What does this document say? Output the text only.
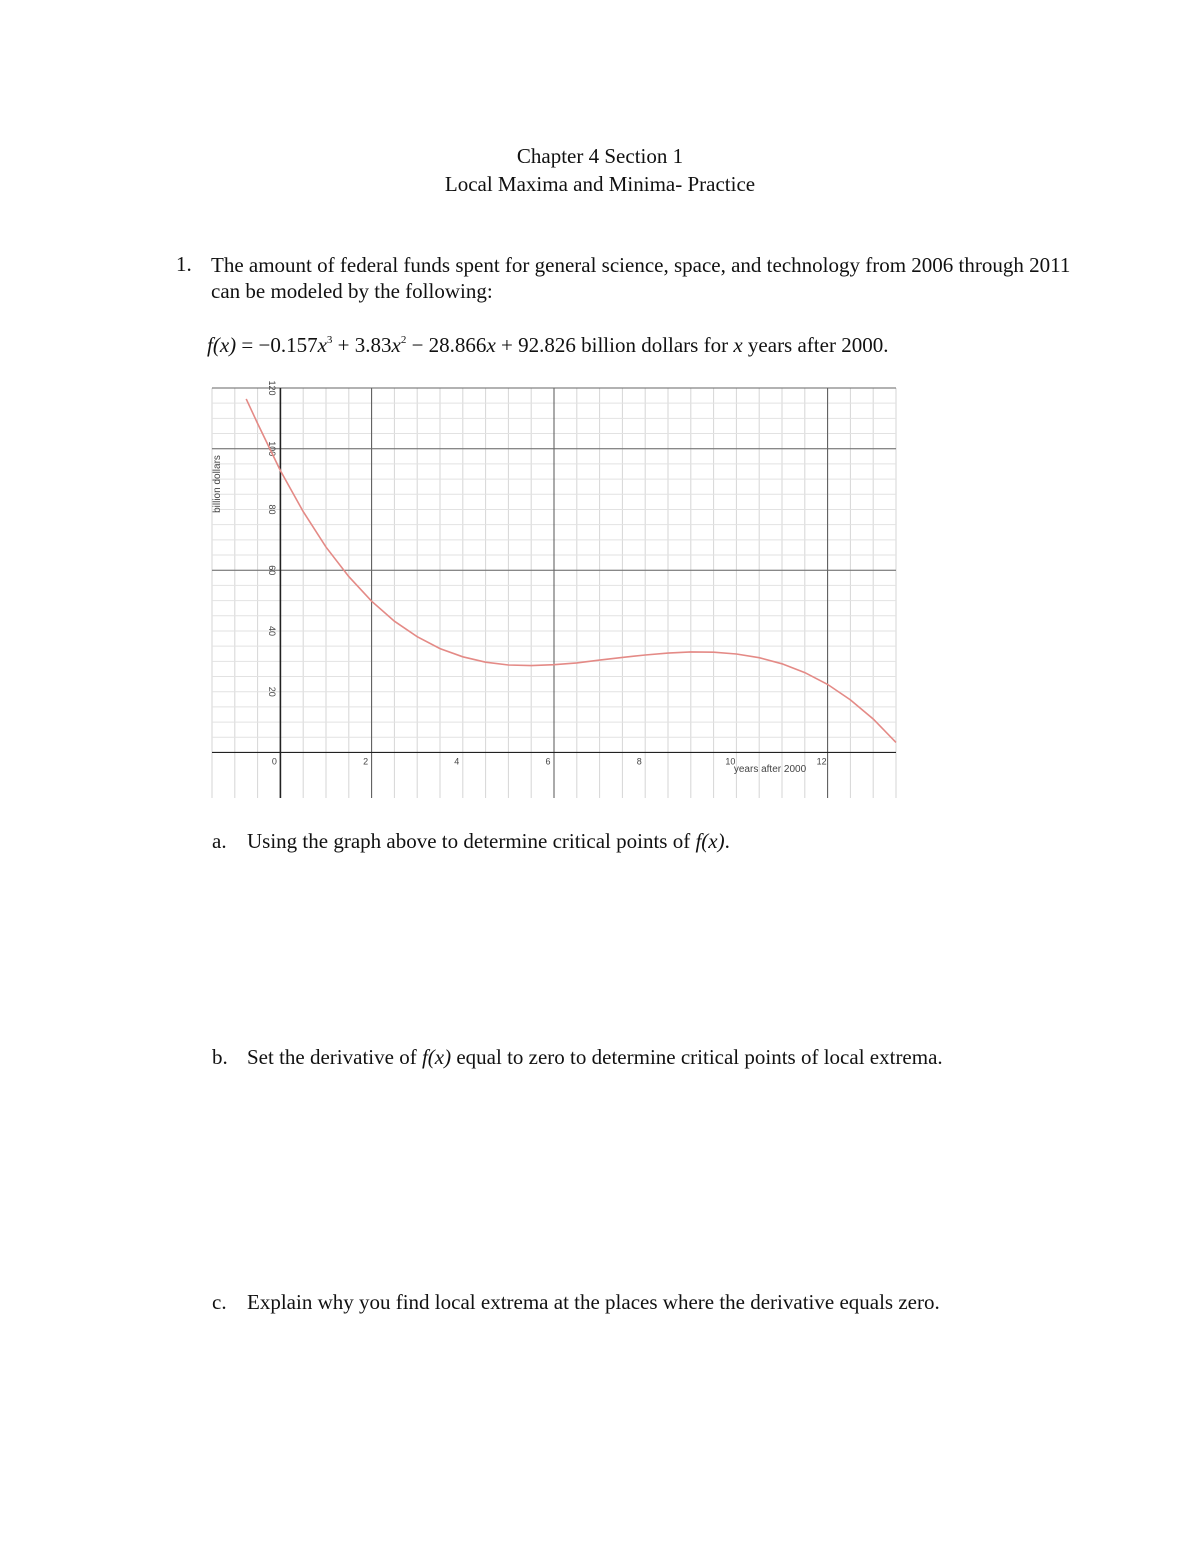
Chapter 4 Section 1
Local Maxima and Minima- Practice
1. The amount of federal funds spent for general science, space, and technology from 2006 through 2011 can be modeled by the following:
$f(x) = -0.157x^3 + 3.83x^2 - 28.866x + 92.826$ billion dollars for x years after 2000.
0	2	4	6	8	10	12
20
40
60
80
100
120
billion dollars
years after 2000
a. Using the graph above to determine critical points of f(x).
b. Set the derivative of f(x) equal to zero to determine critical points of local extrema.
c. Explain why you find local extrema at the places where the derivative equals zero.
